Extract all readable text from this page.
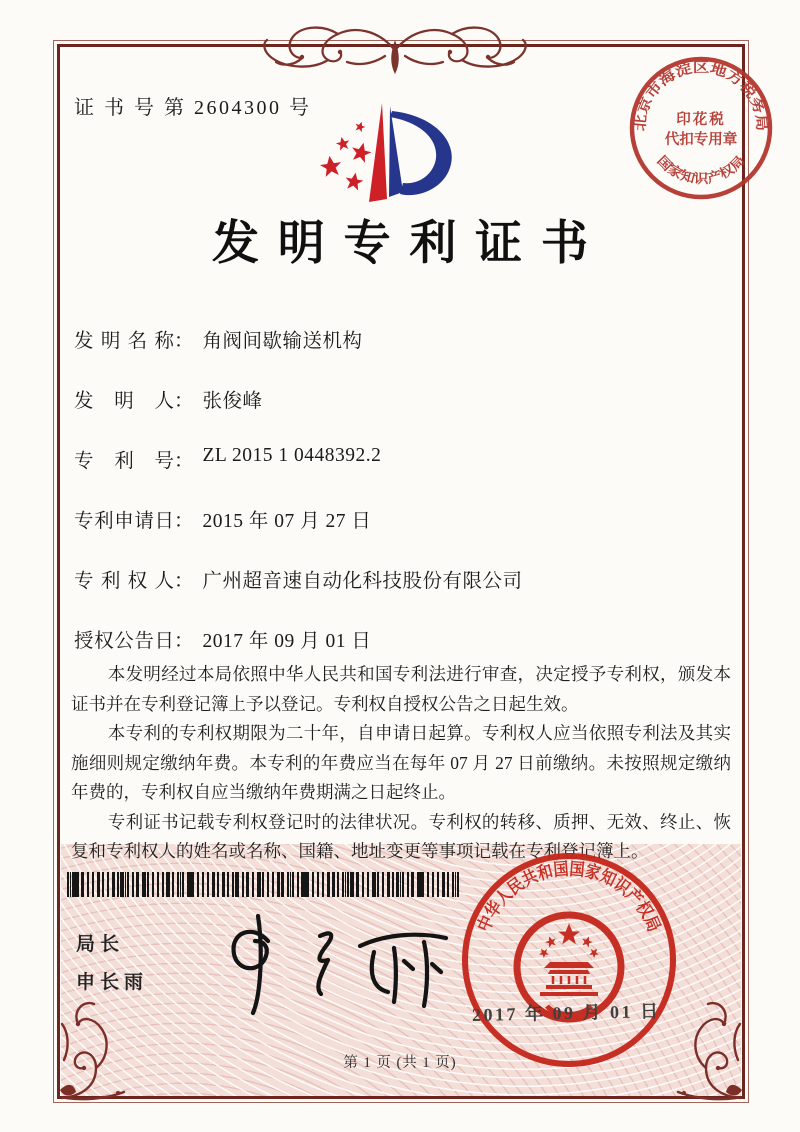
证 书 号 第 2604300 号
北京市海淀区地方税务局
国家知识产权局
印花税
代扣专用章
发明专利证书
发明名称 ： 角阀间歇输送机构
发明人 ： 张俊峰
专利号 ： ZL 2015 1 0448392.2
专利申请日 ： 2015 年 07 月 27 日
专利权人 ： 广州超音速自动化科技股份有限公司
授权公告日 ： 2017 年 09 月 01 日

本发明经过本局依照中华人民共和国专利法进行审查，决定授予专利权，颁发本证书并在专利登记簿上予以登记。专利权自授权公告之日起生效。

本专利的专利权期限为二十年，自申请日起算。专利权人应当依照专利法及其实施细则规定缴纳年费。本专利的年费应当在每年 07 月 27 日前缴纳。未按照规定缴纳年费的，专利权自应当缴纳年费期满之日起终止。

专利证书记载专利权登记时的法律状况。专利权的转移、质押、无效、终止、恢复和专利权人的姓名或名称、国籍、地址变更等事项记载在专利登记簿上。

局长
申长雨
中华人民共和国国家知识产权局
2017 年 09 月 01 日
第 1 页 (共 1 页)
